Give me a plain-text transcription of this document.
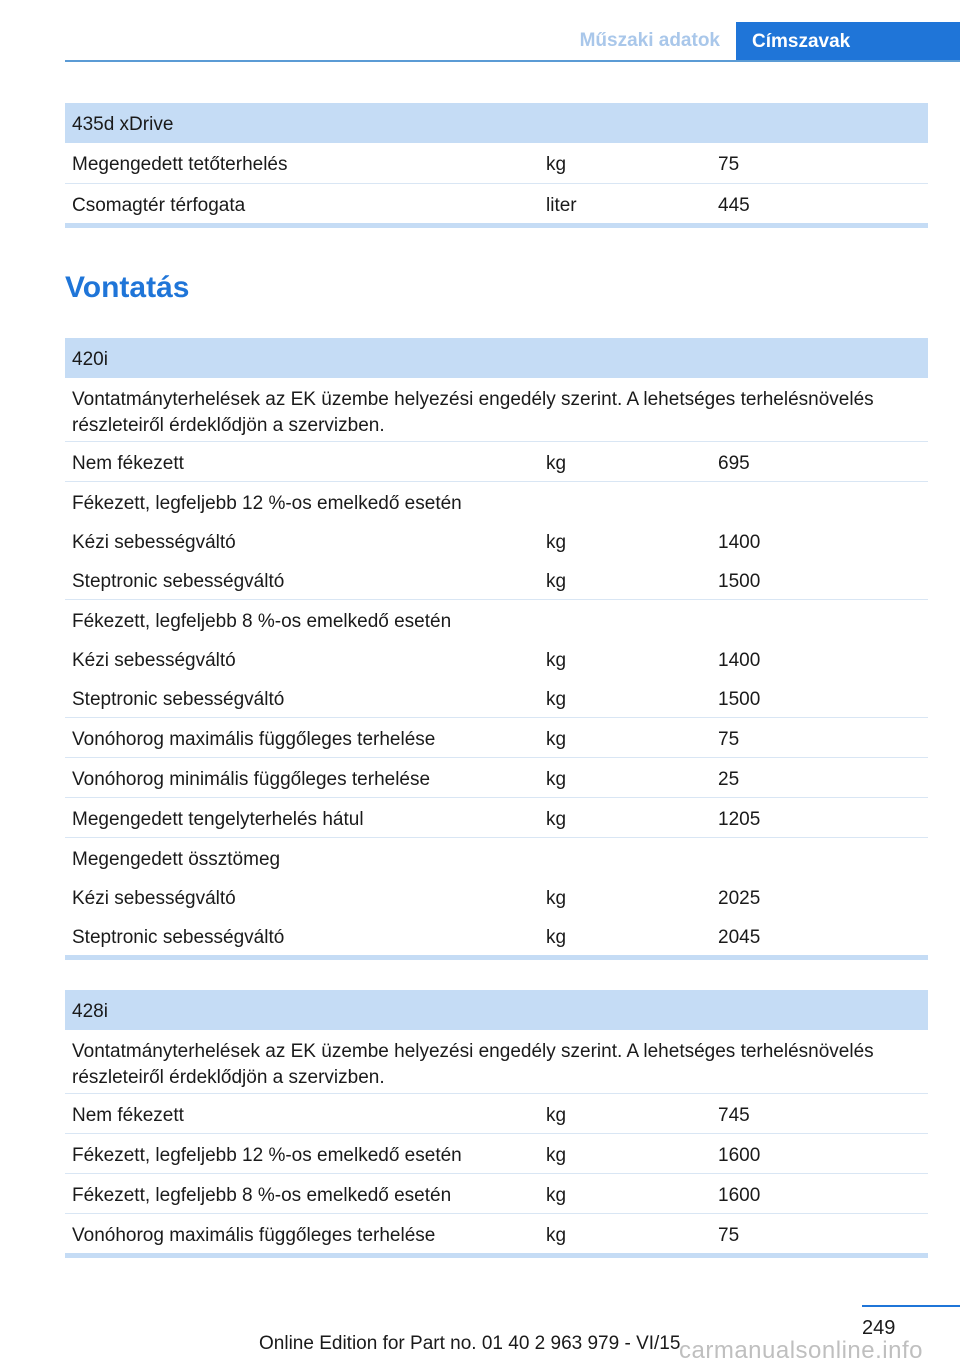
Műszaki adatok	Címszavak
435d xDrive
Megengedett tetőterhelés	kg	75
Csomagtér térfogata	liter	445
Vontatás
420i
Vontatmányterhelések az EK üzembe helyezési engedély szerint. A lehetséges terhelésnövelés részleteiről érdeklődjön a szervizben.
Nem fékezett	kg	695
Fékezett, legfeljebb 12 %-os emelkedő esetén
Kézi sebességváltó	kg	1400
Steptronic sebességváltó	kg	1500
Fékezett, legfeljebb 8 %-os emelkedő esetén
Kézi sebességváltó	kg	1400
Steptronic sebességváltó	kg	1500
Vonóhorog maximális függőleges terhelése	kg	75
Vonóhorog minimális függőleges terhelése	kg	25
Megengedett tengelyterhelés hátul	kg	1205
Megengedett össztömeg
Kézi sebességváltó	kg	2025
Steptronic sebességváltó	kg	2045
428i
Vontatmányterhelések az EK üzembe helyezési engedély szerint. A lehetséges terhelésnövelés részleteiről érdeklődjön a szervizben.
Nem fékezett	kg	745
Fékezett, legfeljebb 12 %-os emelkedő esetén	kg	1600
Fékezett, legfeljebb 8 %-os emelkedő esetén	kg	1600
Vonóhorog maximális függőleges terhelése	kg	75
249
Online Edition for Part no. 01 40 2 963 979 - VI/15
carmanualsonline.info
